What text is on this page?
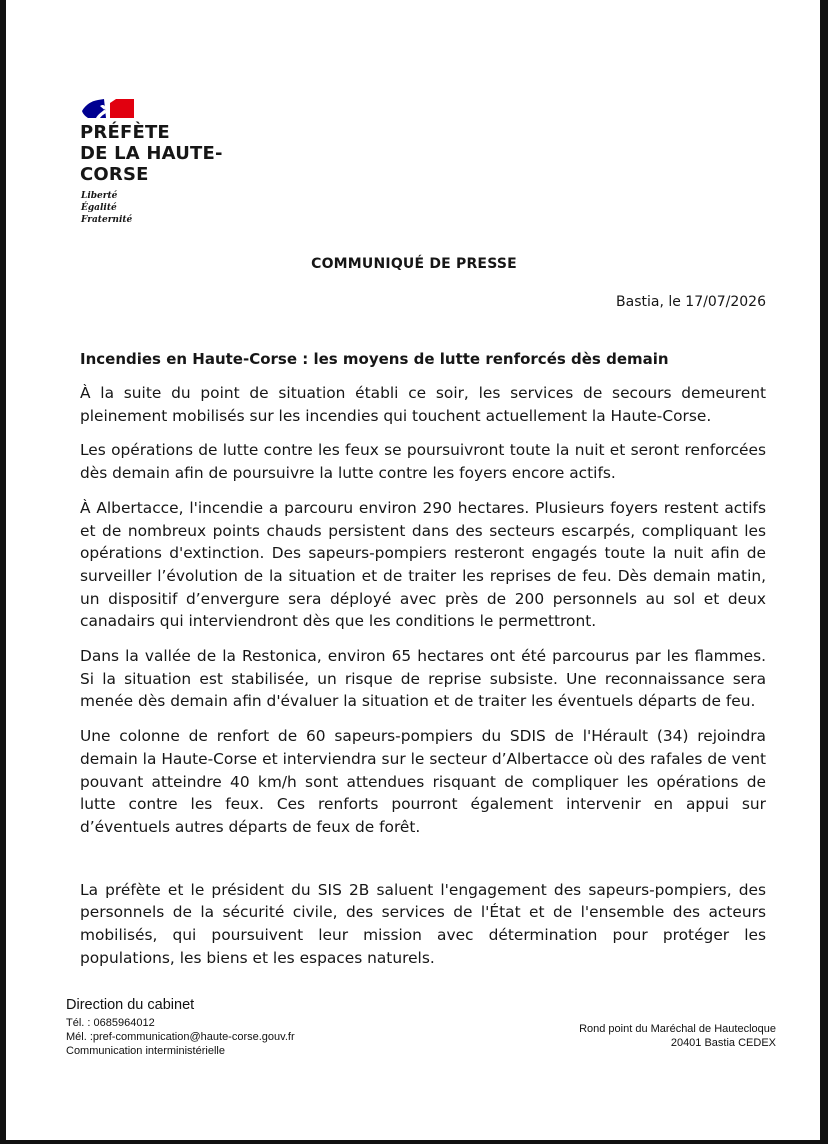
PRÉFÈTE
DE LA HAUTE-
CORSE
Liberté
Égalité
Fraternité
COMMUNIQUÉ DE PRESSE
Bastia, le 17/07/2026
Incendies en Haute-Corse : les moyens de lutte renforcés dès demain

À la suite du point de situation établi ce soir, les services de secours demeurent pleinement mobilisés sur les incendies qui touchent actuellement la Haute-Corse.

Les opérations de lutte contre les feux se poursuivront toute la nuit et seront renforcées dès demain afin de poursuivre la lutte contre les foyers encore actifs.

À Albertacce, l'incendie a parcouru environ 290 hectares. Plusieurs foyers restent actifs et de nombreux points chauds persistent dans des secteurs escarpés, compliquant les opérations d'extinction. Des sapeurs-pompiers resteront engagés toute la nuit afin de surveiller l’évolution de la situation et de traiter les reprises de feu. Dès demain matin, un dispositif d’envergure sera déployé avec près de 200 personnels au sol et deux canadairs qui interviendront dès que les conditions le permettront.

Dans la vallée de la Restonica, environ 65 hectares ont été parcourus par les flammes. Si la situation est stabilisée, un risque de reprise subsiste. Une reconnaissance sera menée dès demain afin d'évaluer la situation et de traiter les éventuels départs de feu.

Une colonne de renfort de 60 sapeurs-pompiers du SDIS de l'Hérault (34) rejoindra demain la Haute-Corse et interviendra sur le secteur d’Albertacce où des rafales de vent pouvant atteindre 40 km/h sont attendues risquant de compliquer les opérations de lutte contre les feux. Ces renforts pourront également intervenir en appui sur d’éventuels autres départs de feux de forêt.

La préfète et le président du SIS 2B saluent l'engagement des sapeurs-pompiers, des personnels de la sécurité civile, des services de l'État et de l'ensemble des acteurs mobilisés, qui poursuivent leur mission avec détermination pour protéger les populations, les biens et les espaces naturels.

Direction du cabinet
Tél. : 0685964012
Mél. :pref-communication@haute-corse.gouv.fr
Communication interministérielle
Rond point du Maréchal de Hautecloque
20401 Bastia CEDEX
